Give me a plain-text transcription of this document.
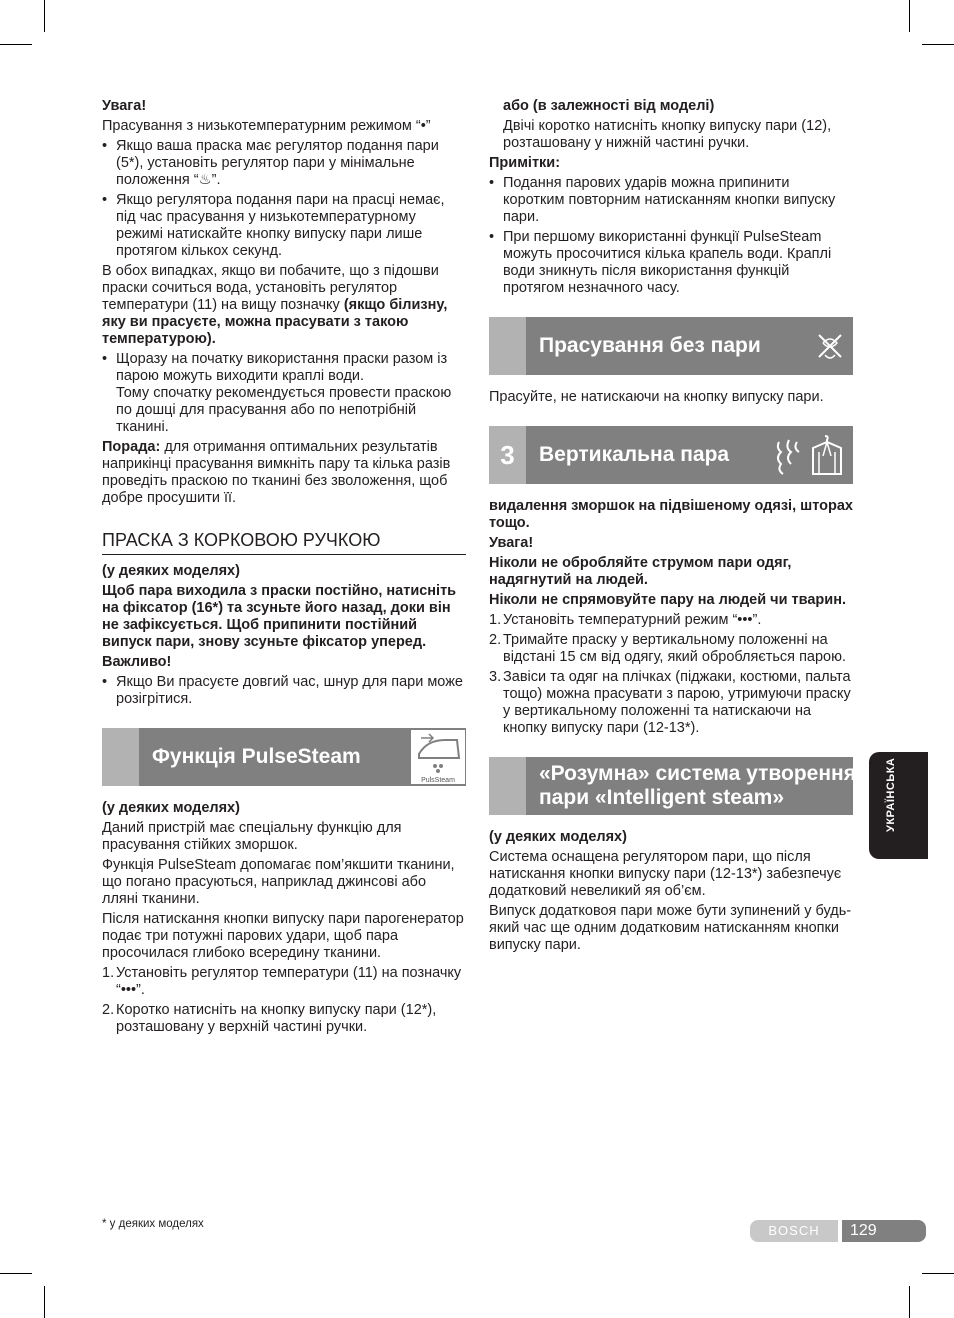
Увага!

Прасування з низькотемпературним режимом “•”

• Якщо ваша праска має регулятор подання пари (5*), установіть регулятор пари у мінімальне положення “♨”.
• Якщо регулятора подання пари на прасці немає, під час прасування у низькотемпературному режимі натискайте кнопку випуску пари лише протягом кількох секунд.

В обох випадках, якщо ви побачите, що з підошви праски сочиться вода, установіть регулятор температури (11) на вищу позначку (якщо білизну, яку ви прасуєте, можна прасувати з такою температурою).

• Щоразу на початку використання праски разом із парою можуть виходити краплі води.

Тому спочатку рекомендується провести праскою по дошці для прасування або по непотрібній тканині.

Порада: для отримання оптимальних результатів наприкінці прасування вимкніть пару та кілька разів проведіть праскою по тканині без зволоження, щоб добре просушити її.

ПРАСКА З КОРКОВОЮ РУЧКОЮ

(у деяких моделях)

Щоб пара виходила з праски постійно, натисніть на фіксатор (16*) та зсуньте його назад, доки він не зафіксується. Щоб припинити постійний випуск пари, знову зсуньте фіксатор уперед.

Важливо!

• Якщо Ви прасуєте довгий час, шнур для пари може розігрітися.
Функція PulseSteam
PulsSteam

(у деяких моделях)

Даний пристрій має спеціальну функцію для прасування стійких зморшок.

Функція PulseSteam допомагає пом’якшити тканини, що погано прасуються, наприклад джинсові або лляні тканини.

Після натискання кнопки випуску пари парогенератор подає три потужні парових удари, щоб пара просочилася глибоко всередину тканини.

1. Установіть регулятор температури (11) на позначку “•••”.
2. Коротко натисніть на кнопку випуску пари (12*), розташовану у верхній частині ручки.

або (в залежності від моделі)

Двічі коротко натисніть кнопку випуску пари (12), розташовану у нижній частині ручки.

Примітки:

• Подання парових ударів можна припинити коротким повторним натисканням кнопки випуску пари.
• При першому використанні функції PulseSteam можуть просочитися кілька крапель води. Краплі води зникнуть після використання функцій протягом незначного часу.
Прасування без пари

Прасуйте, не натискаючи на кнопку випуску пари.

3	Вертикальна пара

видалення зморшок на підвішеному одязі, шторах тощо.

Увага!

Ніколи не обробляйте струмом пари одяг, надягнутий на людей.

Ніколи не спрямовуйте пару на людей чи тварин.

1. Установіть температурний режим “•••”.
2. Тримайте праску у вертикальному положенні на відстані 15 см від одягу, який обробляється парою.
3. Завіси та одяг на плічках (піджаки, костюми, пальта тощо) можна прасувати з парою, утримуючи праску у вертикальному положенні та натискаючи на кнопку випуску пари (12-13*).
«Розумна» система утворення пари «Intelligent steam»

(у деяких моделях)

Система оснащена регулятором пари, що після натискання кнопки випуску пари (12-13*) забезпечує додатковий невеликий яя об’єм.

Випуск додатковоя пари може бути зупинений у будь-який час ще одним додатковим натисканням кнопки випуску пари.

УКРАЇНСЬКА
* у деяких моделях	BOSCH	129
